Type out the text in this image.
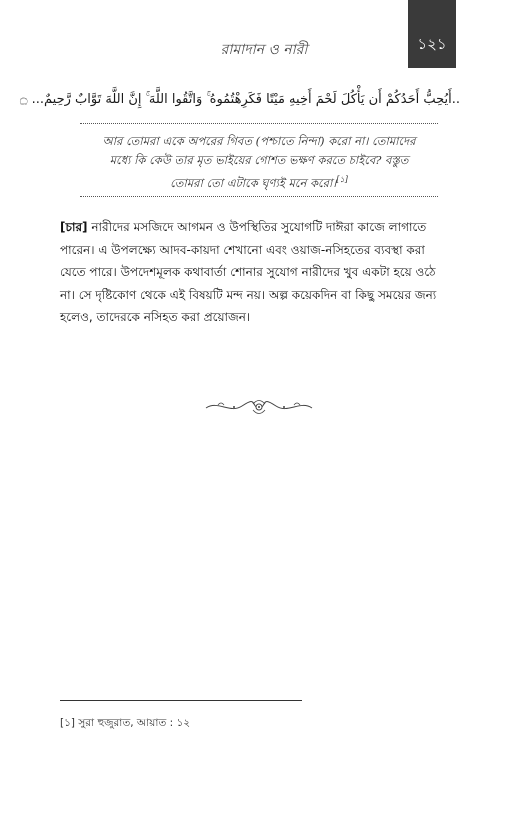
রামাদান ও নারী	১২১
..أَيُحِبُّ أَحَدُكُمْ أَن يَأْكُلَ لَحْمَ أَخِيهِ مَيْتًا فَكَرِهْتُمُوهُ ۚ وَاتَّقُوا اللَّهَ ۚ إِنَّ اللَّهَ تَوَّابٌ رَّحِيمٌ... ۝
আর তোমরা একে অপরের গিবত (পশ্চাতে নিন্দা) করো না। তোমাদের
মধ্যে কি কেউ তার মৃত ভাইয়ের গোশত ভক্ষণ করতে চাইবে? বস্তুত
তোমরা তো এটাকে ঘৃণ্যই মনে করো।[১]
[চার] নারীদের মসজিদে আগমন ও উপস্থিতির সুযোগটি দাঈরা কাজে লাগাতে
পারেন। এ উপলক্ষ্যে আদব-কায়দা শেখানো এবং ওয়াজ-নসিহতের ব্যবস্থা করা
যেতে পারে। উপদেশমূলক কথাবার্তা শোনার সুযোগ নারীদের খুব একটা হয়ে ওঠে
না। সে দৃষ্টিকোণ থেকে এই বিষয়টি মন্দ নয়। অল্প কয়েকদিন বা কিছু সময়ের জন্য
হলেও, তাদেরকে নসিহত করা প্রয়োজন।
[১] সুরা হুজুরাত, আয়াত : ১২
